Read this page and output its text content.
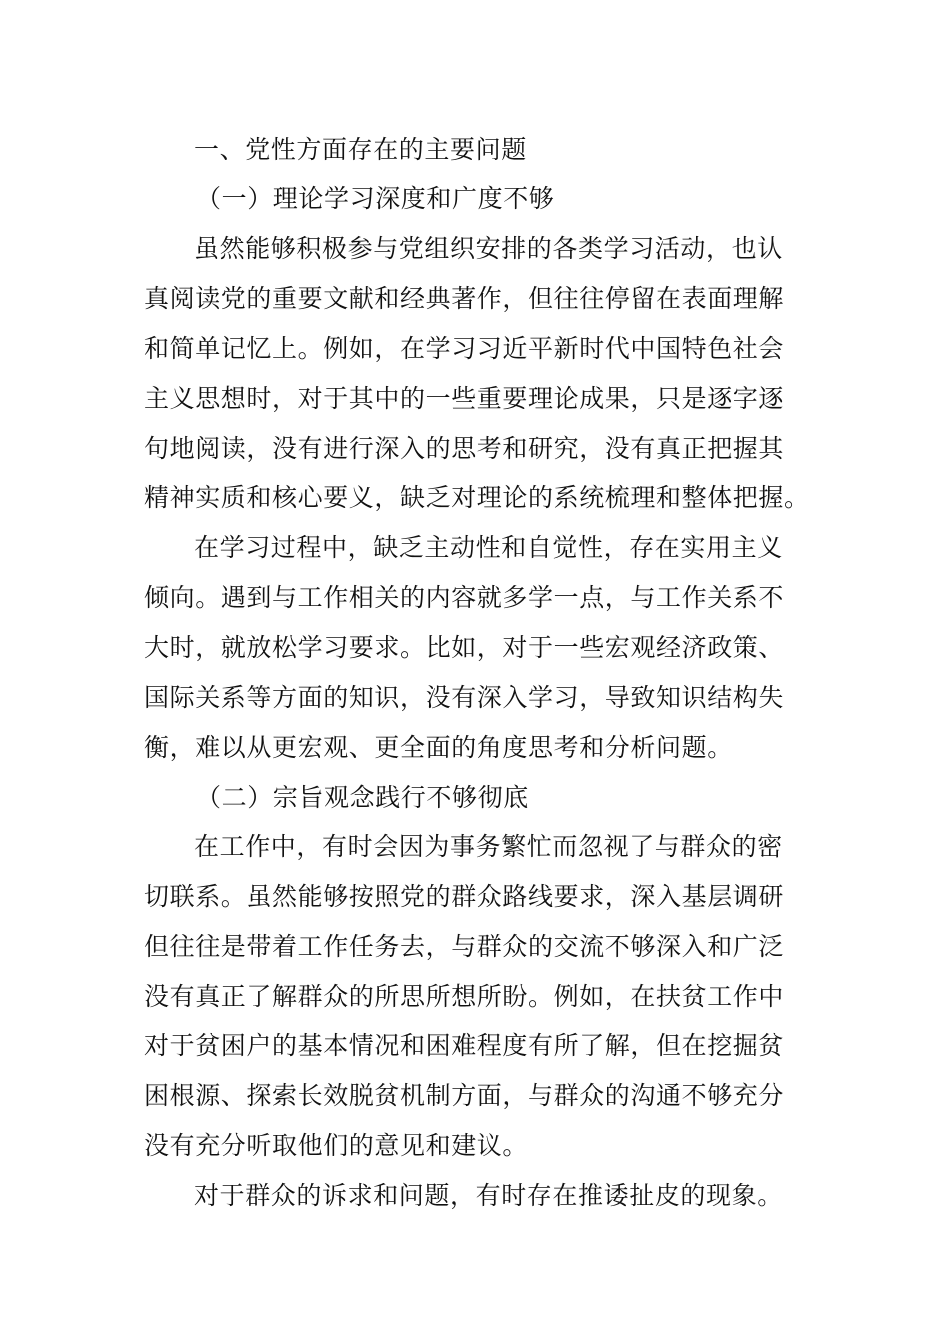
一、党性方面存在的主要问题
（一）理论学习深度和广度不够
虽然能够积极参与党组织安排的各类学习活动，也认
真阅读党的重要文献和经典著作，但往往停留在表面理解
和简单记忆上。例如，在学习习近平新时代中国特色社会
主义思想时，对于其中的一些重要理论成果，只是逐字逐
句地阅读，没有进行深入的思考和研究，没有真正把握其
精神实质和核心要义，缺乏对理论的系统梳理和整体把握。
在学习过程中，缺乏主动性和自觉性，存在实用主义
倾向。遇到与工作相关的内容就多学一点，与工作关系不
大时，就放松学习要求。比如，对于一些宏观经济政策、
国际关系等方面的知识，没有深入学习，导致知识结构失
衡，难以从更宏观、更全面的角度思考和分析问题。
（二）宗旨观念践行不够彻底
在工作中，有时会因为事务繁忙而忽视了与群众的密
切联系。虽然能够按照党的群众路线要求，深入基层调研
但往往是带着工作任务去，与群众的交流不够深入和广泛
没有真正了解群众的所思所想所盼。例如，在扶贫工作中
对于贫困户的基本情况和困难程度有所了解，但在挖掘贫
困根源、探索长效脱贫机制方面，与群众的沟通不够充分
没有充分听取他们的意见和建议。
对于群众的诉求和问题，有时存在推诿扯皮的现象。
